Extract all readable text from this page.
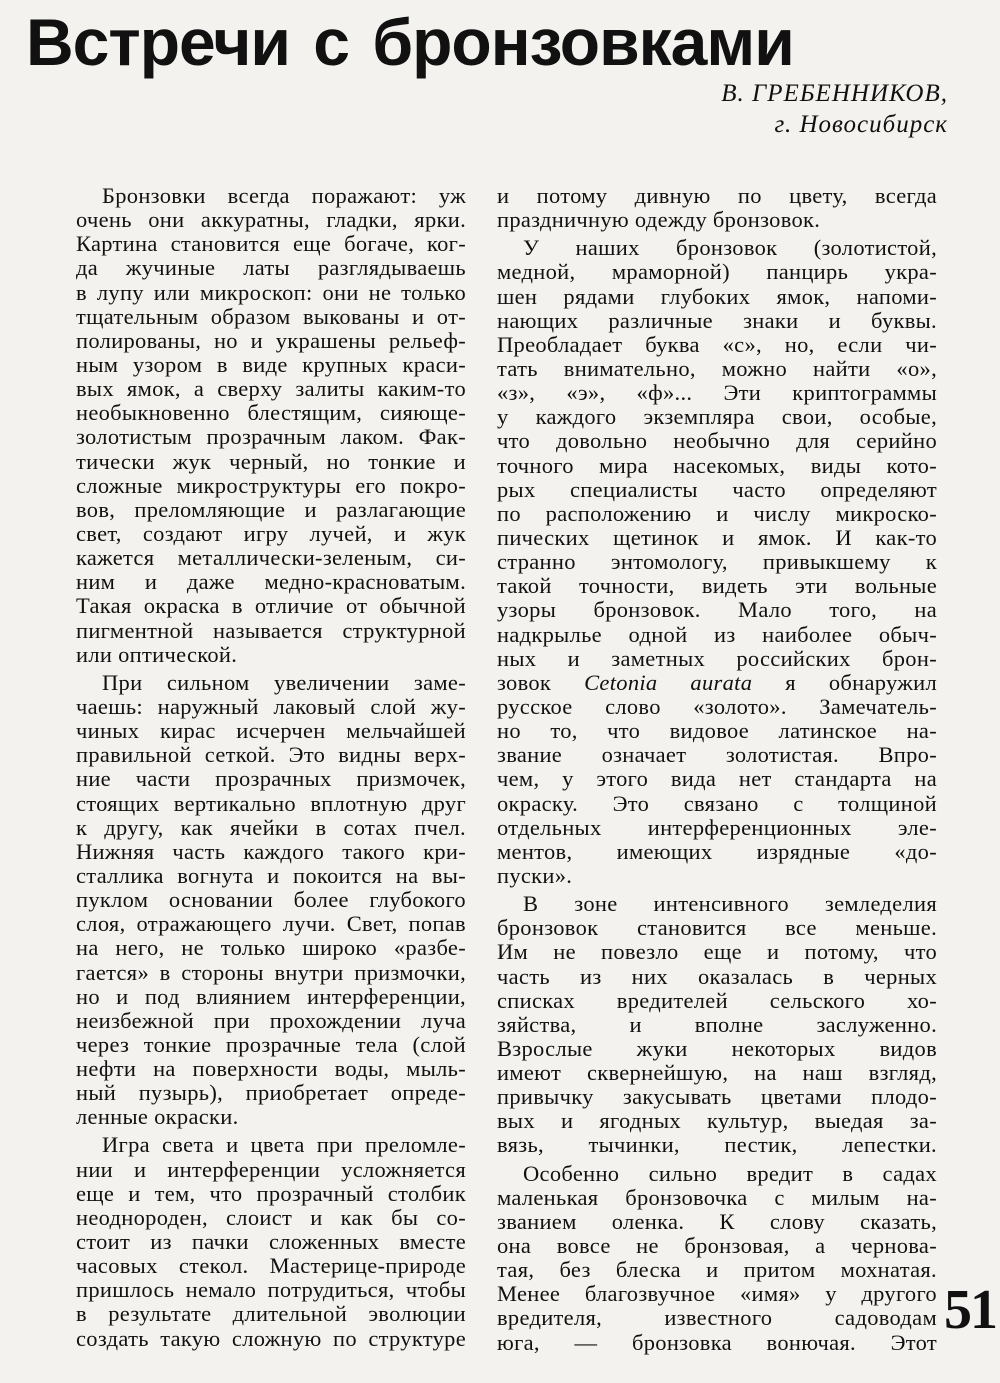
Встречи с бронзовками
В. ГРЕБЕННИКОВ,
г. Новосибирск
Бронзовки всегда поражают: уж
очень они аккуратны, гладки, ярки.
Картина становится еще богаче, ког-
да жучиные латы разглядываешь
в лупу или микроскоп: они не только
тщательным образом выкованы и от-
полированы, но и украшены рельеф-
ным узором в виде крупных краси-
вых ямок, а сверху залиты каким-то
необыкновенно блестящим, сияюще-
золотистым прозрачным лаком. Фак-
тически жук черный, но тонкие и
сложные микроструктуры его покро-
вов, преломляющие и разлагающие
свет, создают игру лучей, и жук
кажется металлически-зеленым, си-
ним и даже медно-красноватым.
Такая окраска в отличие от обычной
пигментной называется структурной
или оптической.
При сильном увеличении заме-
чаешь: наружный лаковый слой жу-
чиных кирас исчерчен мельчайшей
правильной сеткой. Это видны верх-
ние части прозрачных призмочек,
стоящих вертикально вплотную друг
к другу, как ячейки в сотах пчел.
Нижняя часть каждого такого кри-
сталлика вогнута и покоится на вы-
пуклом основании более глубокого
слоя, отражающего лучи. Свет, попав
на него, не только широко «разбе-
гается» в стороны внутри призмочки,
но и под влиянием интерференции,
неизбежной при прохождении луча
через тонкие прозрачные тела (слой
нефти на поверхности воды, мыль-
ный пузырь), приобретает опреде-
ленные окраски.
Игра света и цвета при преломле-
нии и интерференции усложняется
еще и тем, что прозрачный столбик
неоднороден, слоист и как бы со-
стоит из пачки сложенных вместе
часовых стекол. Мастерице-природе
пришлось немало потрудиться, чтобы
в результате длительной эволюции
создать такую сложную по структуре
и потому дивную по цвету, всегда
праздничную одежду бронзовок.
У наших бронзовок (золотистой,
медной, мраморной) панцирь укра-
шен рядами глубоких ямок, напоми-
нающих различные знаки и буквы.
Преобладает буква «с», но, если чи-
тать внимательно, можно найти «о»,
«з», «э», «ф»... Эти криптограммы
у каждого экземпляра свои, особые,
что довольно необычно для серийно
точного мира насекомых, виды кото-
рых специалисты часто определяют
по расположению и числу микроско-
пических щетинок и ямок. И как-то
странно энтомологу, привыкшему к
такой точности, видеть эти вольные
узоры бронзовок. Мало того, на
надкрылье одной из наиболее обыч-
ных и заметных российских брон-
зовок Cetonia aurata я обнаружил
русское слово «золото». Замечатель-
но то, что видовое латинское на-
звание означает золотистая. Впро-
чем, у этого вида нет стандарта на
окраску. Это связано с толщиной
отдельных интерференционных эле-
ментов, имеющих изрядные «до-
пуски».
В зоне интенсивного земледелия
бронзовок становится все меньше.
Им не повезло еще и потому, что
часть из них оказалась в черных
списках вредителей сельского хо-
зяйства, и вполне заслуженно.
Взрослые жуки некоторых видов
имеют сквернейшую, на наш взгляд,
привычку закусывать цветами плодо-
вых и ягодных культур, выедая за-
вязь, тычинки, пестик, лепестки.
Особенно сильно вредит в садах
маленькая бронзовочка с милым на-
званием оленка. К слову сказать,
она вовсе не бронзовая, а чернова-
тая, без блеска и притом мохнатая.
Менее благозвучное «имя» у другого
вредителя, известного садоводам
юга, — бронзовка вонючая. Этот
51
